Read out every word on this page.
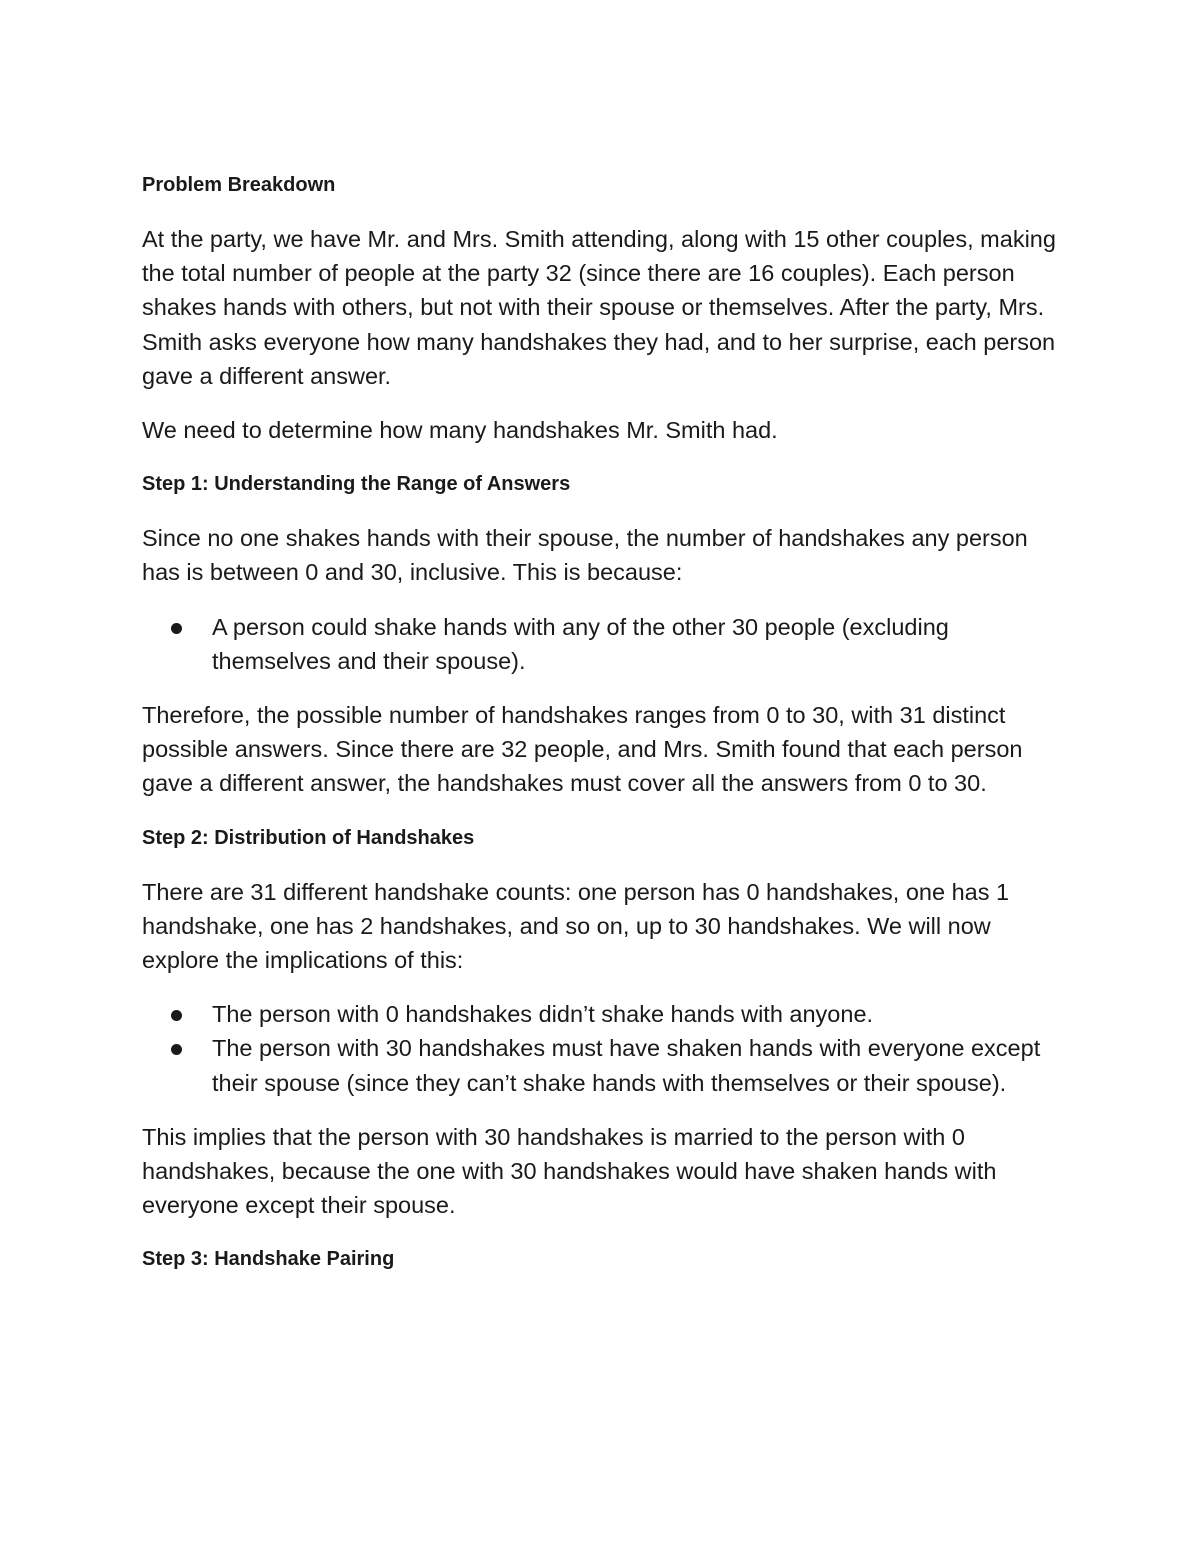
Problem Breakdown

At the party, we have Mr. and Mrs. Smith attending, along with 15 other couples, making the total number of people at the party 32 (since there are 16 couples). Each person shakes hands with others, but not with their spouse or themselves. After the party, Mrs. Smith asks everyone how many handshakes they had, and to her surprise, each person gave a different answer.

We need to determine how many handshakes Mr. Smith had.

Step 1: Understanding the Range of Answers

Since no one shakes hands with their spouse, the number of handshakes any person has is between 0 and 30, inclusive. This is because:

A person could shake hands with any of the other 30 people (excluding themselves and their spouse).

Therefore, the possible number of handshakes ranges from 0 to 30, with 31 distinct possible answers. Since there are 32 people, and Mrs. Smith found that each person gave a different answer, the handshakes must cover all the answers from 0 to 30.

Step 2: Distribution of Handshakes

There are 31 different handshake counts: one person has 0 handshakes, one has 1 handshake, one has 2 handshakes, and so on, up to 30 handshakes. We will now explore the implications of this:

The person with 0 handshakes didn’t shake hands with anyone.
The person with 30 handshakes must have shaken hands with everyone except their spouse (since they can’t shake hands with themselves or their spouse).

This implies that the person with 30 handshakes is married to the person with 0 handshakes, because the one with 30 handshakes would have shaken hands with everyone except their spouse.

Step 3: Handshake Pairing
